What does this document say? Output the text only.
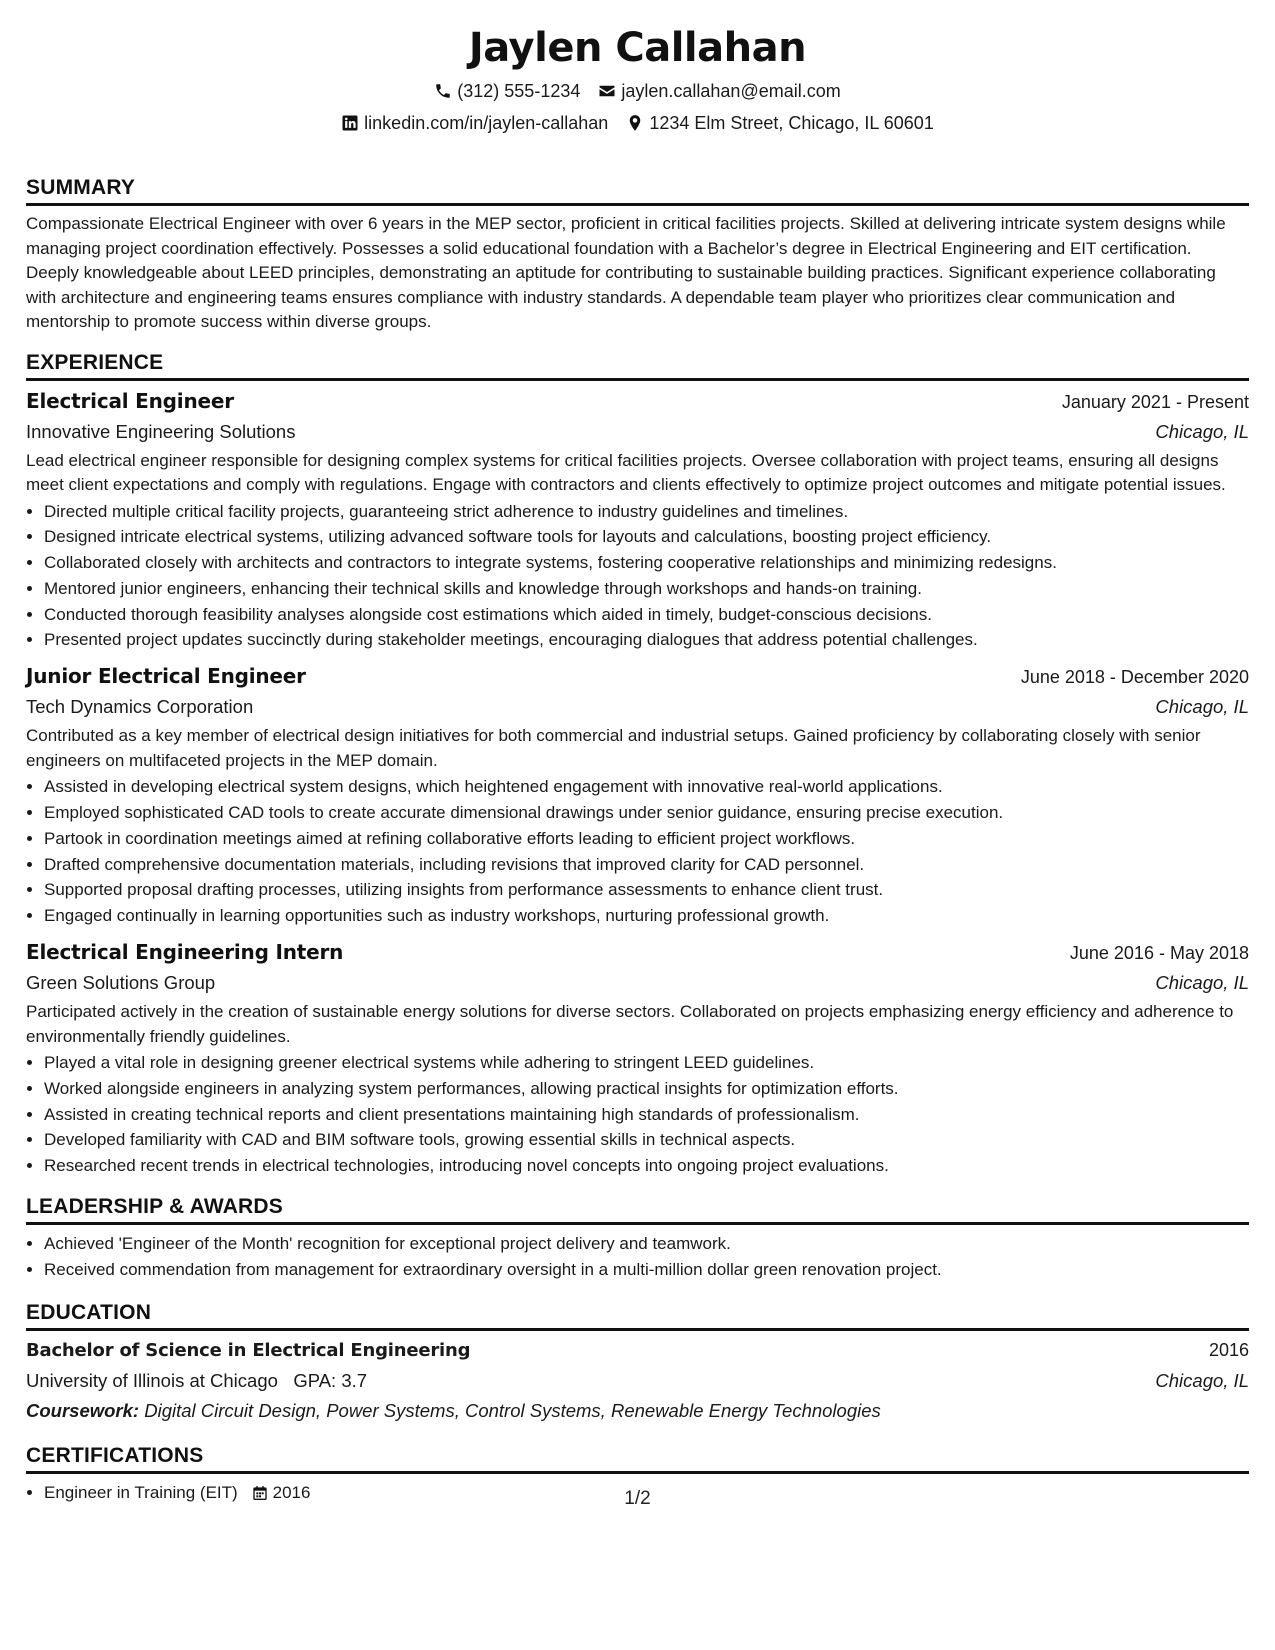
Jaylen Callahan
(312) 555-1234 jaylen.callahan@email.com
linkedin.com/in/jaylen-callahan 1234 Elm Street, Chicago, IL 60601
SUMMARY

Compassionate Electrical Engineer with over 6 years in the MEP sector, proficient in critical facilities projects. Skilled at delivering intricate system designs while managing project coordination effectively. Possesses a solid educational foundation with a Bachelor’s degree in Electrical Engineering and EIT certification. Deeply knowledgeable about LEED principles, demonstrating an aptitude for contributing to sustainable building practices. Significant experience collaborating with architecture and engineering teams ensures compliance with industry standards. A dependable team player who prioritizes clear communication and mentorship to promote success within diverse groups.

EXPERIENCE
Electrical Engineer	January 2021 - Present
Innovative Engineering Solutions	Chicago, IL

Lead electrical engineer responsible for designing complex systems for critical facilities projects. Oversee collaboration with project teams, ensuring all designs meet client expectations and comply with regulations. Engage with contractors and clients effectively to optimize project outcomes and mitigate potential issues.

• Directed multiple critical facility projects, guaranteeing strict adherence to industry guidelines and timelines.
• Designed intricate electrical systems, utilizing advanced software tools for layouts and calculations, boosting project efficiency.
• Collaborated closely with architects and contractors to integrate systems, fostering cooperative relationships and minimizing redesigns.
• Mentored junior engineers, enhancing their technical skills and knowledge through workshops and hands-on training.
• Conducted thorough feasibility analyses alongside cost estimations which aided in timely, budget-conscious decisions.
• Presented project updates succinctly during stakeholder meetings, encouraging dialogues that address potential challenges.
Junior Electrical Engineer	June 2018 - December 2020
Tech Dynamics Corporation	Chicago, IL

Contributed as a key member of electrical design initiatives for both commercial and industrial setups. Gained proficiency by collaborating closely with senior engineers on multifaceted projects in the MEP domain.

• Assisted in developing electrical system designs, which heightened engagement with innovative real-world applications.
• Employed sophisticated CAD tools to create accurate dimensional drawings under senior guidance, ensuring precise execution.
• Partook in coordination meetings aimed at refining collaborative efforts leading to efficient project workflows.
• Drafted comprehensive documentation materials, including revisions that improved clarity for CAD personnel.
• Supported proposal drafting processes, utilizing insights from performance assessments to enhance client trust.
• Engaged continually in learning opportunities such as industry workshops, nurturing professional growth.
Electrical Engineering Intern	June 2016 - May 2018
Green Solutions Group	Chicago, IL

Participated actively in the creation of sustainable energy solutions for diverse sectors. Collaborated on projects emphasizing energy efficiency and adherence to environmentally friendly guidelines.

• Played a vital role in designing greener electrical systems while adhering to stringent LEED guidelines.
• Worked alongside engineers in analyzing system performances, allowing practical insights for optimization efforts.
• Assisted in creating technical reports and client presentations maintaining high standards of professionalism.
• Developed familiarity with CAD and BIM software tools, growing essential skills in technical aspects.
• Researched recent trends in electrical technologies, introducing novel concepts into ongoing project evaluations.
LEADERSHIP & AWARDS
• Achieved 'Engineer of the Month' recognition for exceptional project delivery and teamwork.
• Received commendation from management for extraordinary oversight in a multi-million dollar green renovation project.
EDUCATION
Bachelor of Science in Electrical Engineering	2016
University of Illinois at Chicago GPA: 3.7	Chicago, IL
Coursework: Digital Circuit Design, Power Systems, Control Systems, Renewable Energy Technologies
CERTIFICATIONS
• Engineer in Training (EIT) 2016	1/2
